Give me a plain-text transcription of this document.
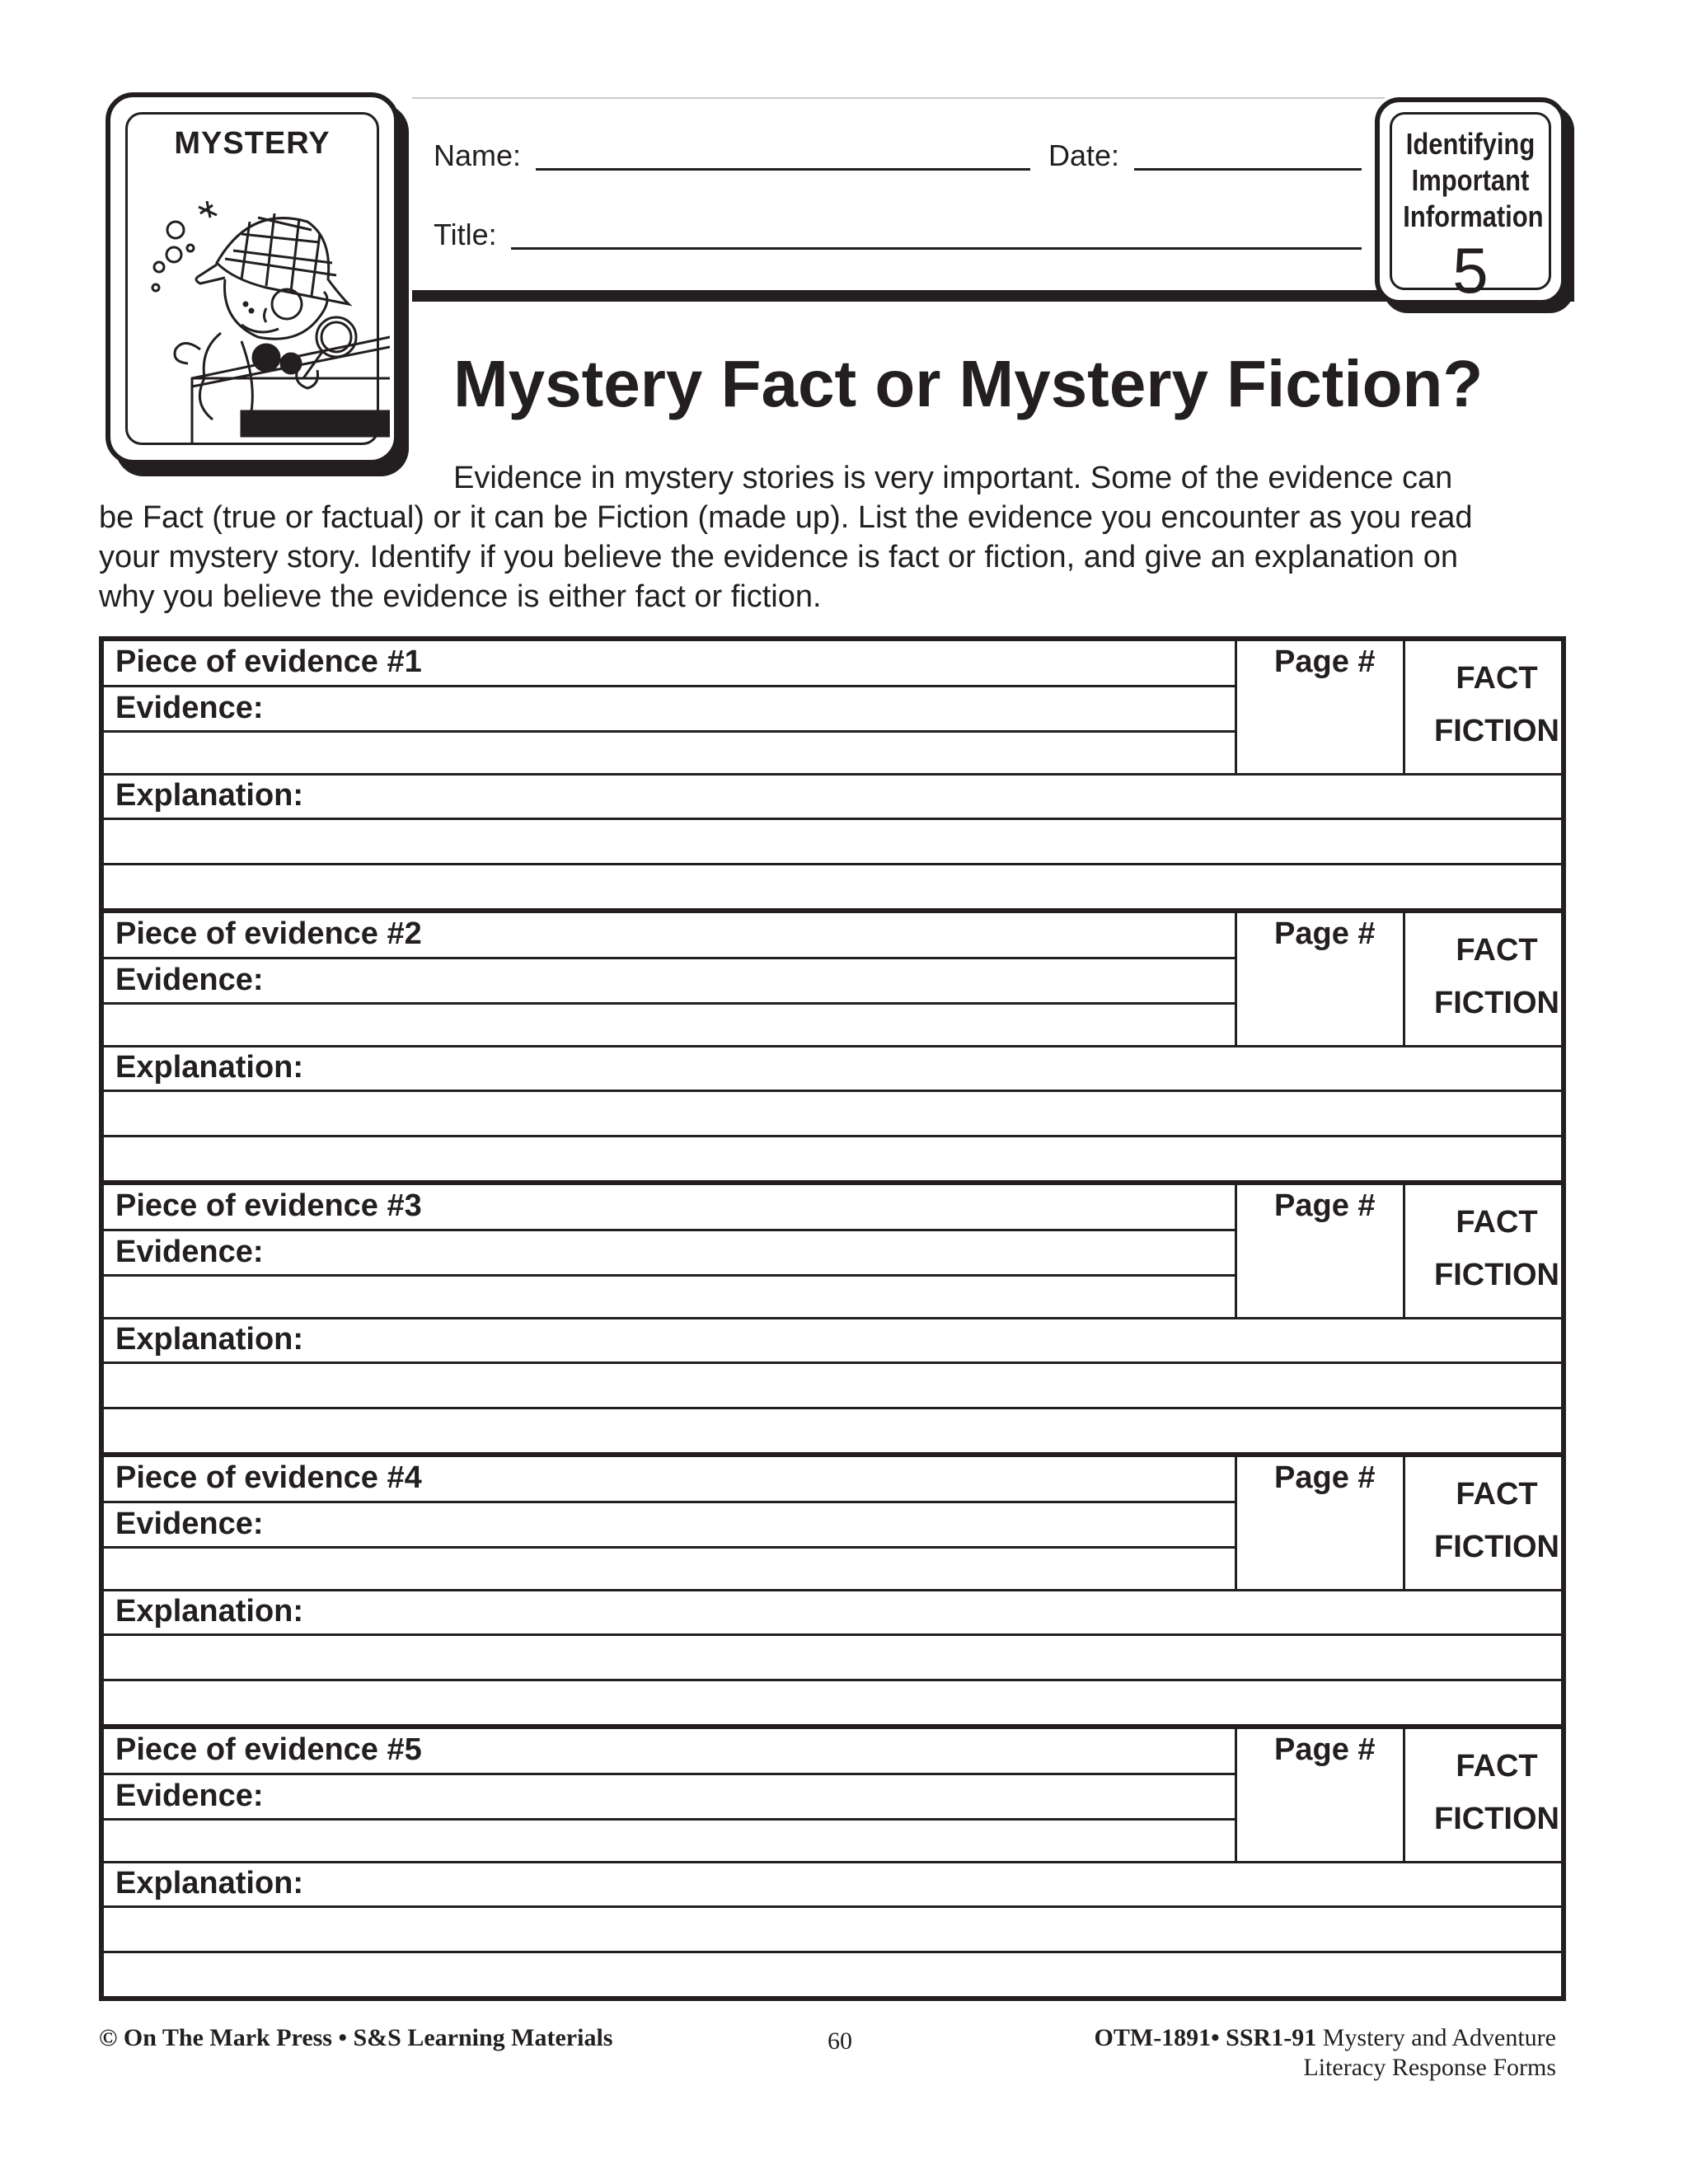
MYSTERY	Name:	Date:
Title:
Identifying
Important
Information
5
Mystery Fact or Mystery Fiction?
Evidence in mystery stories is very important. Some of the evidence can
be Fact (true or factual) or it can be Fiction (made up). List the evidence you encounter as you read
your mystery story. Identify if you believe the evidence is fact or fiction, and give an explanation on
why you believe the evidence is either fact or fiction.
Piece of evidence #1
Evidence:
Page #	FACT
FICTION
Explanation:
Piece of evidence #2
Evidence:
Page #	FACT
FICTION
Explanation:
Piece of evidence #3
Evidence:
Page #	FACT
FICTION
Explanation:
Piece of evidence #4
Evidence:
Page #	FACT
FICTION
Explanation:
Piece of evidence #5
Evidence:
Page #	FACT
FICTION
Explanation:
© On The Mark Press • S&S Learning Materials	60	OTM-1891• SSR1-91 Mystery and Adventure
Literacy Response Forms
